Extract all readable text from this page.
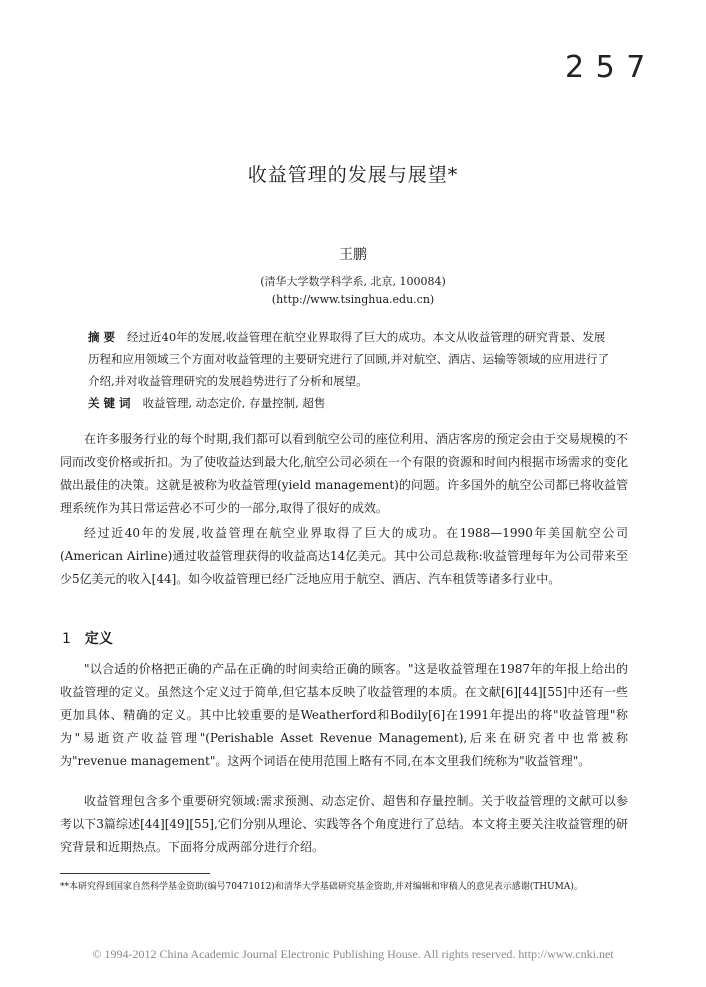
2 5 7
收益管理的发展与展望*
王鹏
(清华大学数学科学系, 北京, 100084)
(http://www.tsinghua.edu.cn)
摘要 经过近40年的发展,收益管理在航空业界取得了巨大的成功。本文从收益管理的研究背景、发展历程和应用领域三个方面对收益管理的主要研究进行了回顾,并对航空、酒店、运输等领域的应用进行了介绍,并对收益管理研究的发展趋势进行了分析和展望。
关键词 收益管理, 动态定价, 存量控制, 超售

在许多服务行业的每个时期,我们都可以看到航空公司的座位利用、酒店客房的预定会由于交易规模的不同而改变价格或折扣。为了使收益达到最大化,航空公司必须在一个有限的资源和时间内根据市场需求的变化做出最佳的决策。这就是被称为收益管理(yield management)的问题。许多国外的航空公司都已将收益管理系统作为其日常运营必不可少的一部分,取得了很好的成效。

经过近40年的发展,收益管理在航空业界取得了巨大的成功。在1988—1990年美国航空公司(American Airline)通过收益管理获得的收益高达14亿美元。其中公司总裁称:收益管理每年为公司带来至少5亿美元的收入[44]。如今收益管理已经广泛地应用于航空、酒店、汽车租赁等诸多行业中。

1 定义

"以合适的价格把正确的产品在正确的时间卖给正确的顾客。"这是收益管理在1987年的年报上给出的收益管理的定义。虽然这个定义过于简单,但它基本反映了收益管理的本质。在文献[6][44][55]中还有一些更加具体、精确的定义。其中比较重要的是Weatherford和Bodily[6]在1991年提出的将"收益管理"称为"易逝资产收益管理"(Perishable Asset Revenue Management),后来在研究者中也常被称为"revenue management"。这两个词语在使用范围上略有不同,在本文里我们统称为"收益管理"。

收益管理包含多个重要研究领域:需求预测、动态定价、超售和存量控制。关于收益管理的文献可以参考以下3篇综述[44][49][55],它们分别从理论、实践等各个角度进行了总结。本文将主要关注收益管理的研究背景和近期热点。下面将分成两部分进行介绍。

**本研究得到国家自然科学基金资助(编号70471012)和清华大学基础研究基金资助,并对编辑和审稿人的意见表示感谢(THUMA)。
© 1994-2012 China Academic Journal Electronic Publishing House. All rights reserved. http://www.cnki.net
